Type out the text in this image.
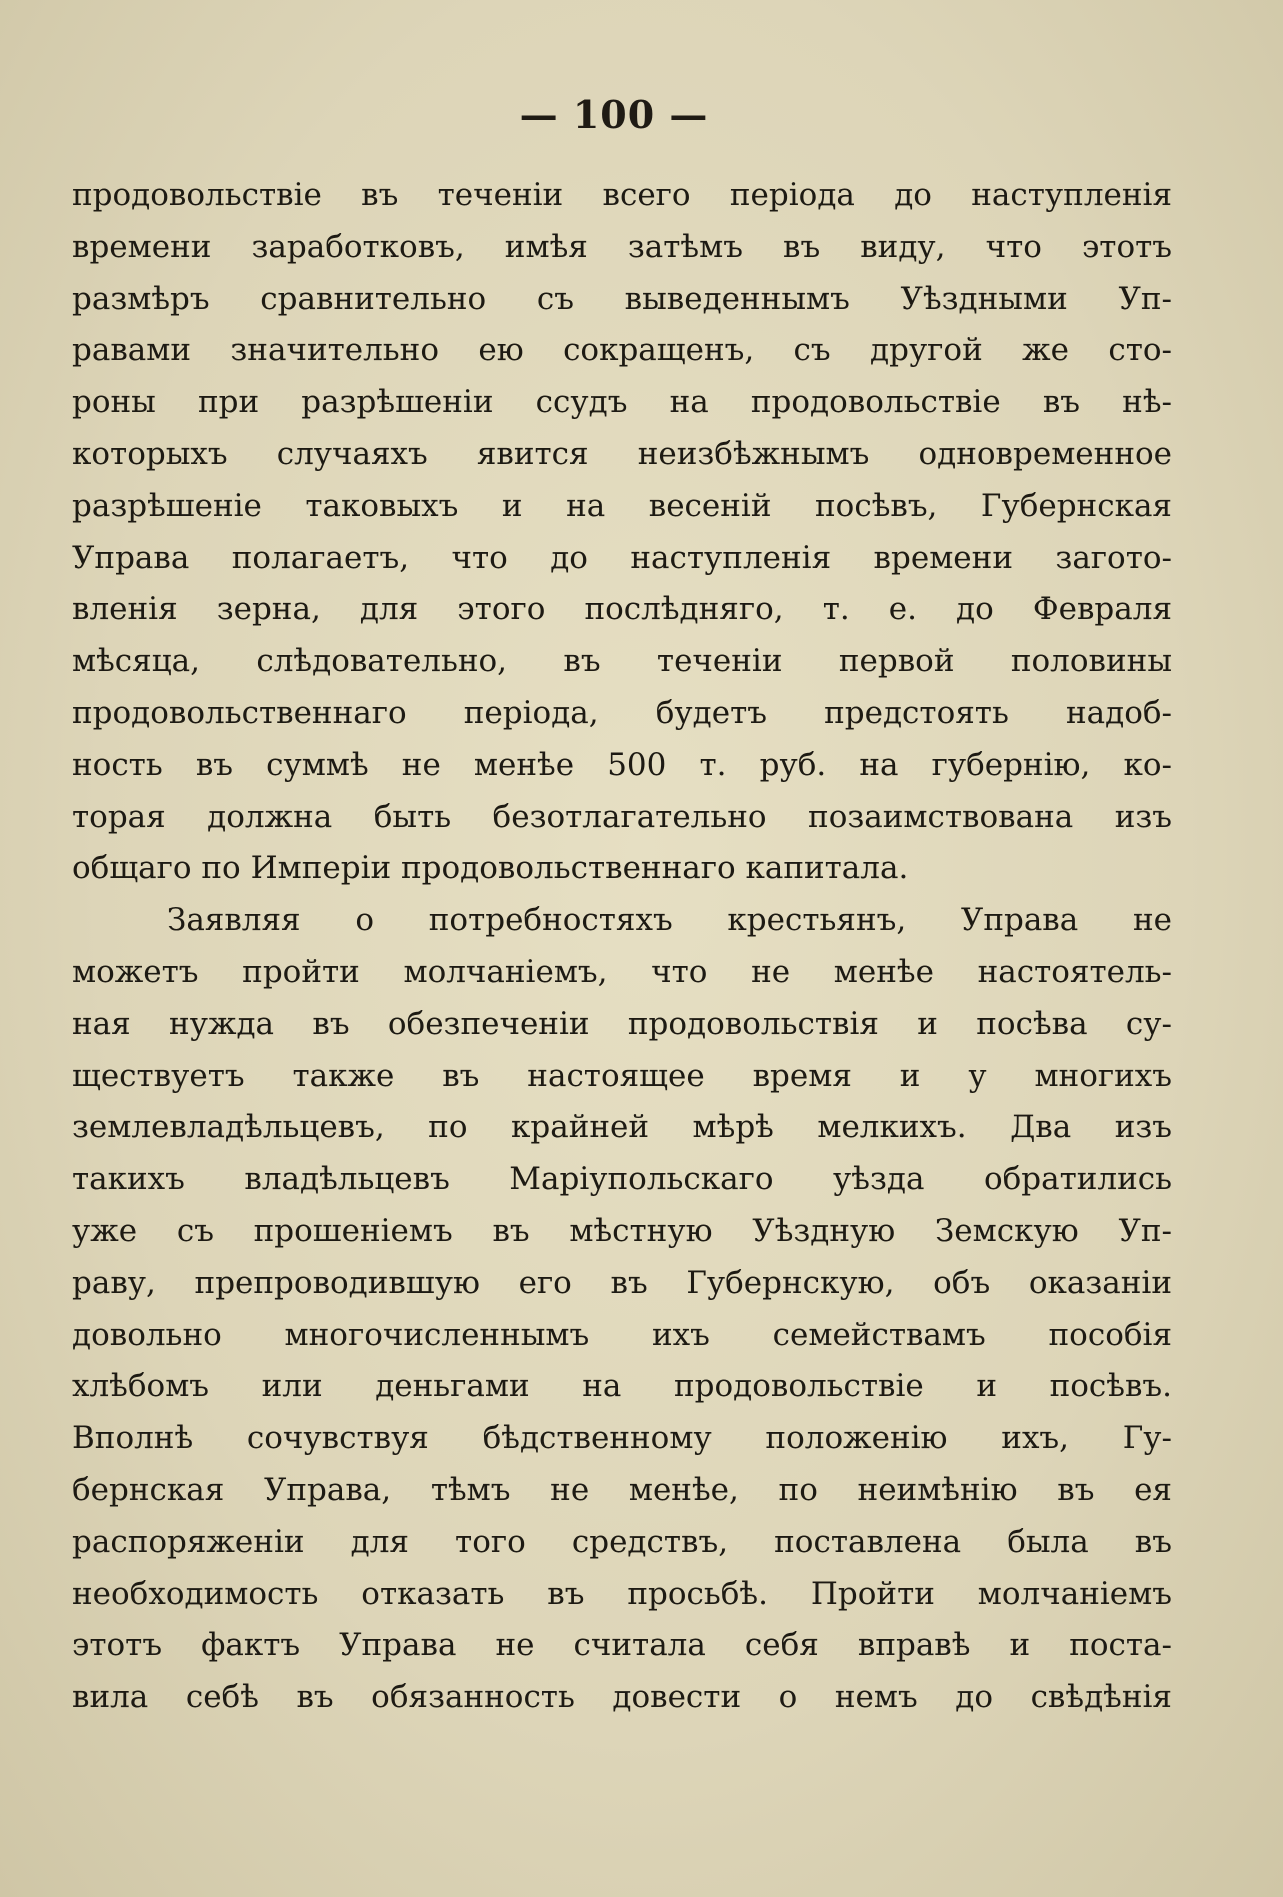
— 100 —
продовольствіе въ теченіи всего періода до наступленія
времени заработковъ, имѣя затѣмъ въ виду, что этотъ
размѣръ сравнительно съ выведеннымъ Уѣздными Уп-
равами значительно ею сокращенъ, съ другой же сто-
роны при разрѣшеніи ссудъ на продовольствіе въ нѣ-
которыхъ случаяхъ явится неизбѣжнымъ одновременное
разрѣшеніе таковыхъ и на весеній посѣвъ, Губернская
Управа полагаетъ, что до наступленія времени загото-
вленія зерна, для этого послѣдняго, т. е. до Февраля
мѣсяца, слѣдовательно, въ теченіи первой половины
продовольственнаго періода, будетъ предстоять надоб-
ность въ суммѣ не менѣе 500 т. руб. на губернію, ко-
торая должна быть безотлагательно позаимствована изъ
общаго по Имперіи продовольственнаго капитала.
Заявляя о потребностяхъ крестьянъ, Управа не
можетъ пройти молчаніемъ, что не менѣе настоятель-
ная нужда въ обезпеченіи продовольствія и посѣва су-
ществуетъ также въ настоящее время и у многихъ
землевладѣльцевъ, по крайней мѣрѣ мелкихъ. Два изъ
такихъ владѣльцевъ Маріупольскаго уѣзда обратились
уже съ прошеніемъ въ мѣстную Уѣздную Земскую Уп-
раву, препроводившую его въ Губернскую, объ оказаніи
довольно многочисленнымъ ихъ семействамъ пособія
хлѣбомъ или деньгами на продовольствіе и посѣвъ.
Вполнѣ сочувствуя бѣдственному положенію ихъ, Гу-
бернская Управа, тѣмъ не менѣе, по неимѣнію въ ея
распоряженіи для того средствъ, поставлена была въ
необходимость отказать въ просьбѣ. Пройти молчаніемъ
этотъ фактъ Управа не считала себя вправѣ и поста-
вила себѣ въ обязанность довести о немъ до свѣдѣнія
